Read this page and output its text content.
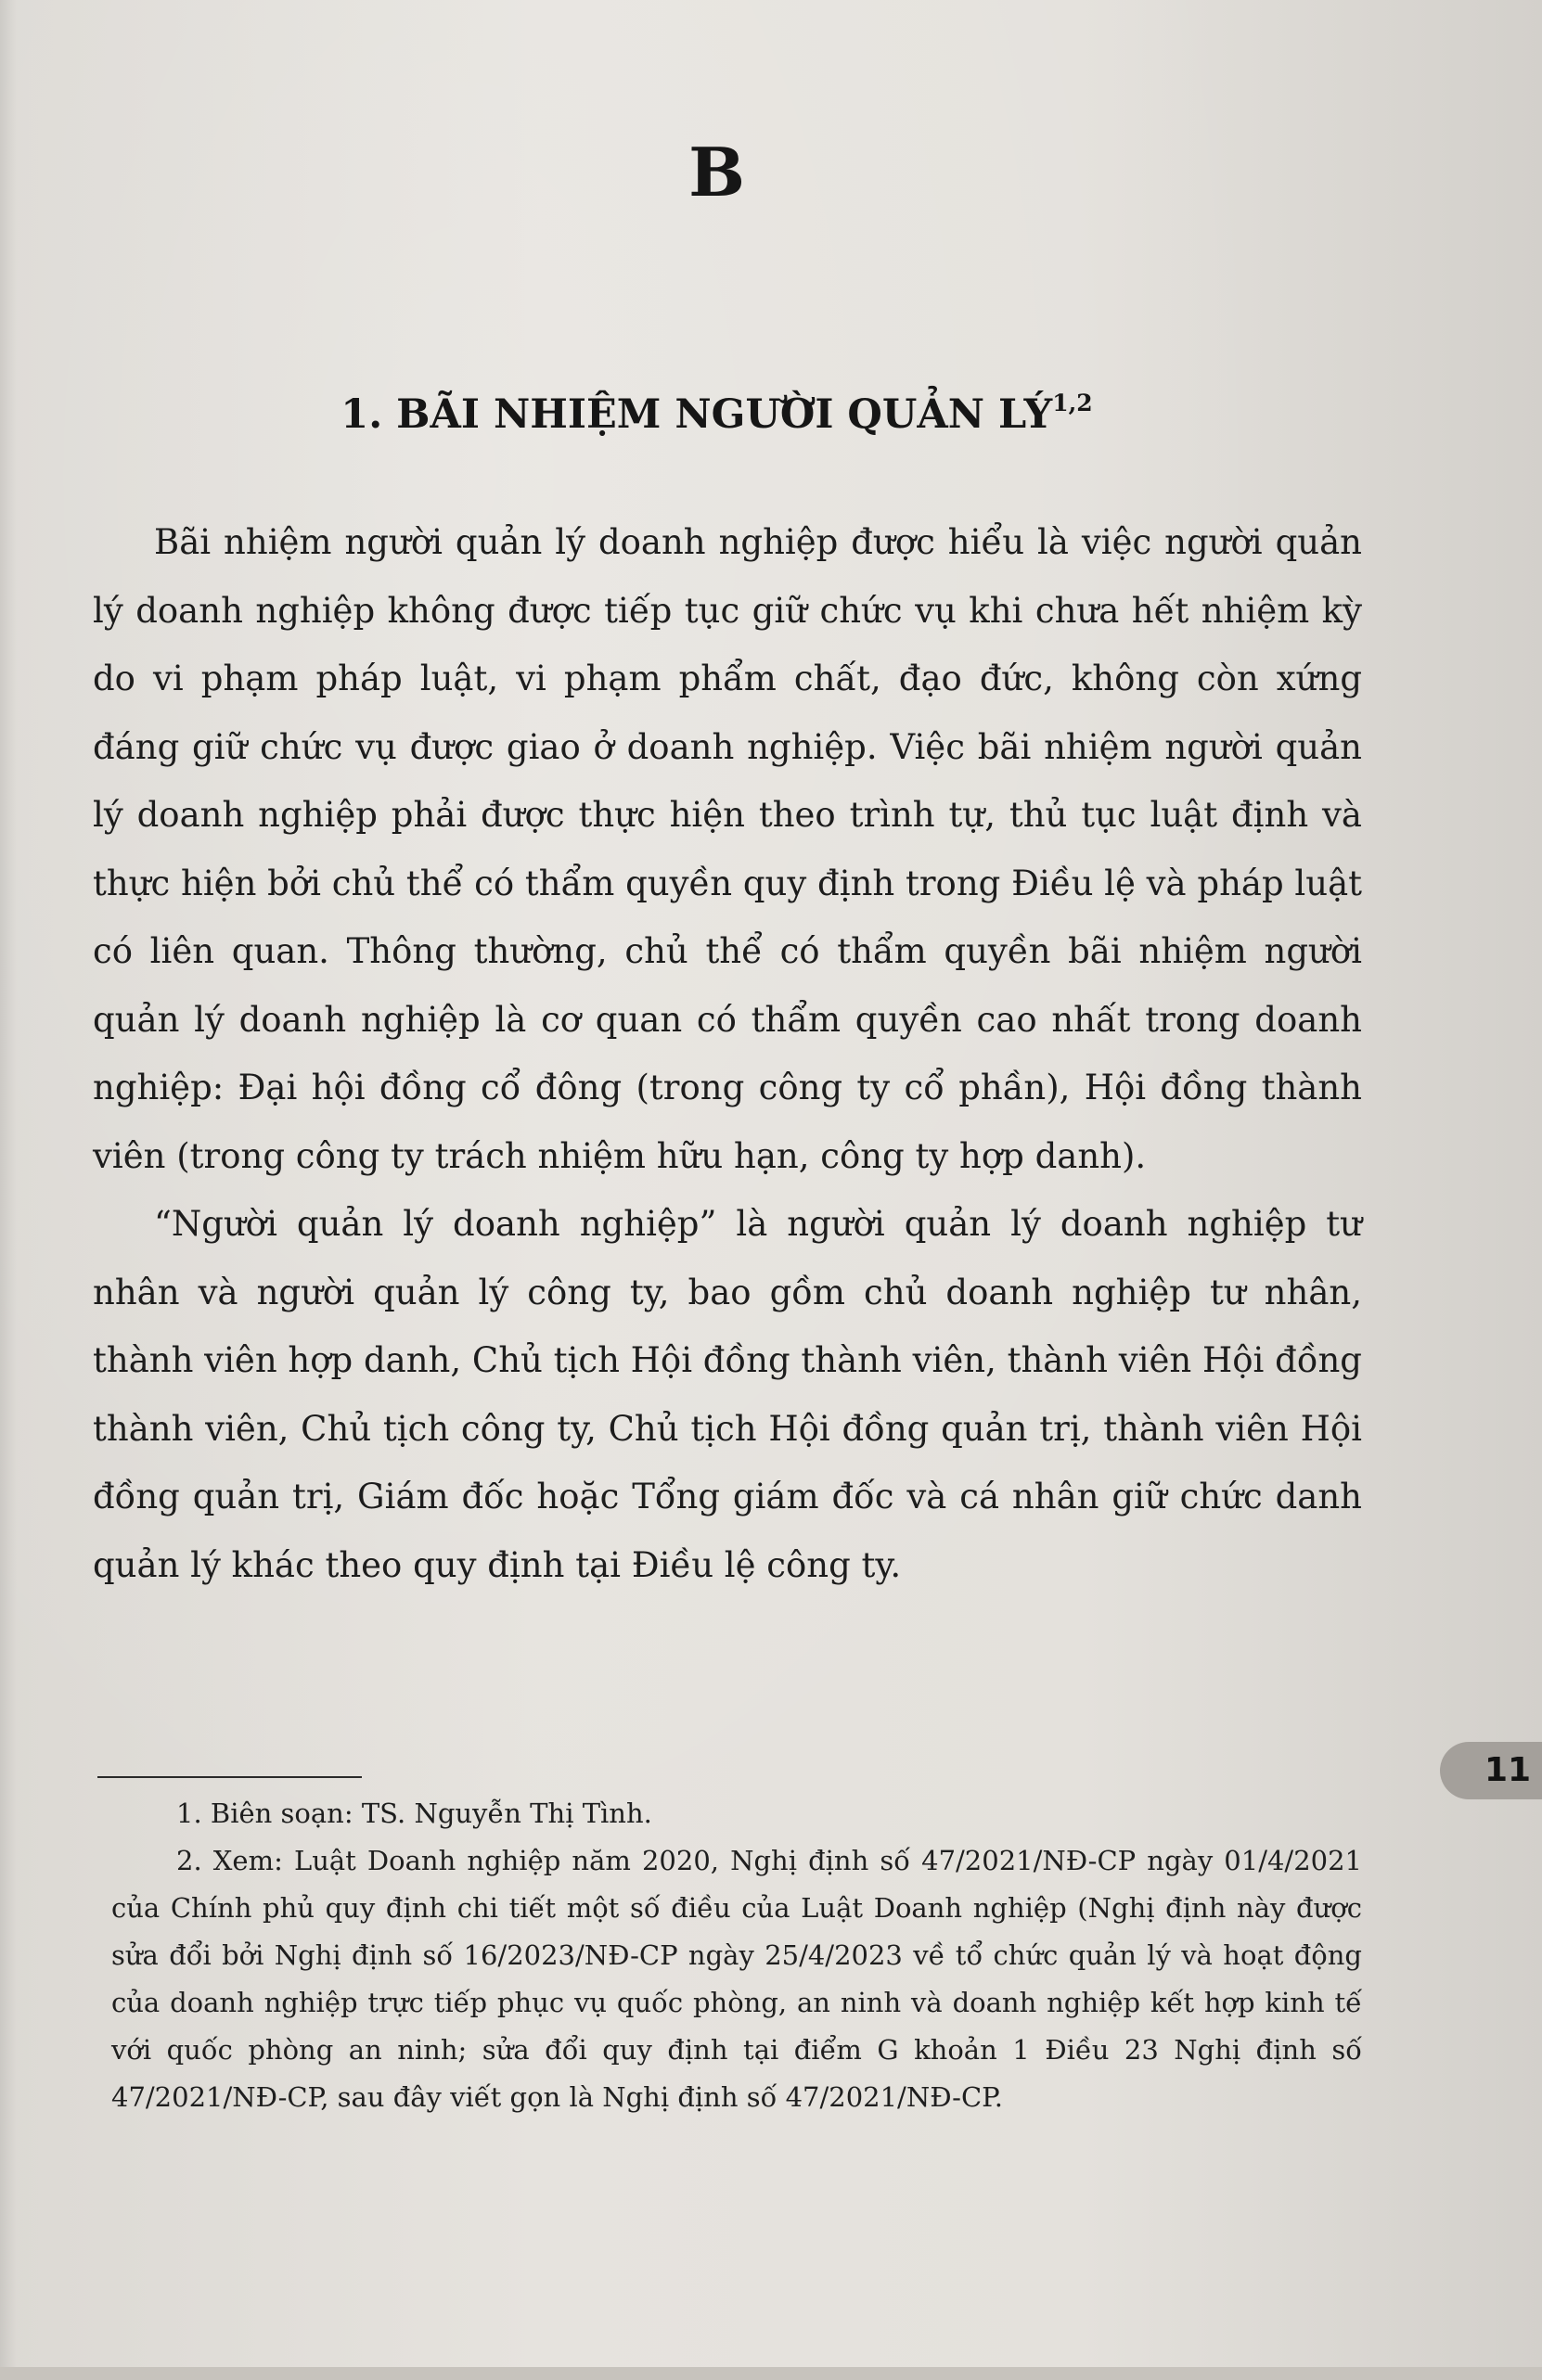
B
1. BÃI NHIỆM NGƯỜI QUẢN LÝ$^{1,2}$

Bãi nhiệm người quản lý doanh nghiệp được hiểu là việc người quản lý doanh nghiệp không được tiếp tục giữ chức vụ khi chưa hết nhiệm kỳ do vi phạm pháp luật, vi phạm phẩm chất, đạo đức, không còn xứng đáng giữ chức vụ được giao ở doanh nghiệp. Việc bãi nhiệm người quản lý doanh nghiệp phải được thực hiện theo trình tự, thủ tục luật định và thực hiện bởi chủ thể có thẩm quyền quy định trong Điều lệ và pháp luật có liên quan. Thông thường, chủ thể có thẩm quyền bãi nhiệm người quản lý doanh nghiệp là cơ quan có thẩm quyền cao nhất trong doanh nghiệp: Đại hội đồng cổ đông (trong công ty cổ phần), Hội đồng thành viên (trong công ty trách nhiệm hữu hạn, công ty hợp danh).

“Người quản lý doanh nghiệp” là người quản lý doanh nghiệp tư nhân và người quản lý công ty, bao gồm chủ doanh nghiệp tư nhân, thành viên hợp danh, Chủ tịch Hội đồng thành viên, thành viên Hội đồng thành viên, Chủ tịch công ty, Chủ tịch Hội đồng quản trị, thành viên Hội đồng quản trị, Giám đốc hoặc Tổng giám đốc và cá nhân giữ chức danh quản lý khác theo quy định tại Điều lệ công ty.

1. Biên soạn: TS. Nguyễn Thị Tình.

2. Xem: Luật Doanh nghiệp năm 2020, Nghị định số 47/2021/NĐ-CP ngày 01/4/2021 của Chính phủ quy định chi tiết một số điều của Luật Doanh nghiệp (Nghị định này được sửa đổi bởi Nghị định số 16/2023/NĐ-CP ngày 25/4/2023 về tổ chức quản lý và hoạt động của doanh nghiệp trực tiếp phục vụ quốc phòng, an ninh và doanh nghiệp kết hợp kinh tế với quốc phòng an ninh; sửa đổi quy định tại điểm G khoản 1 Điều 23 Nghị định số 47/2021/NĐ-CP, sau đây viết gọn là Nghị định số 47/2021/NĐ-CP.

11
